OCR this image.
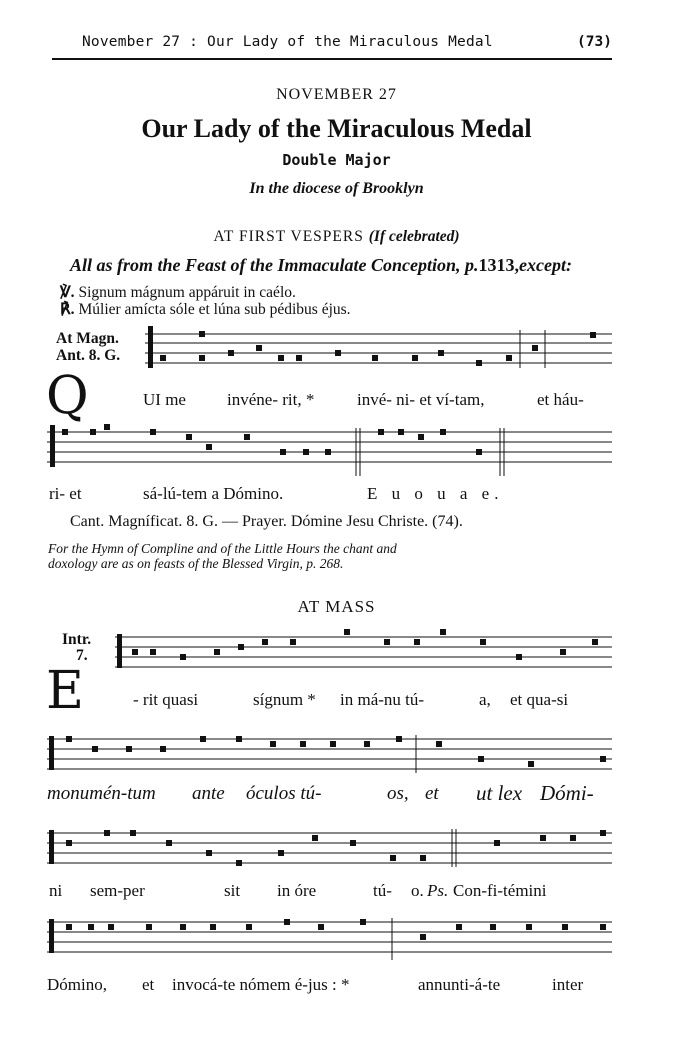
November 27 : Our Lady of the Miraculous Medal	(73)
NOVEMBER 27
Our Lady of the Miraculous Medal
Double Major
In the diocese of Brooklyn
AT FIRST VESPERS (If celebrated)
All as from the Feast of the Immaculate Conception, p.1313,except:
℣. Signum mágnum appáruit in caélo.
℟. Múlier amícta sóle et lúna sub pédibus éjus.
At Magn.
Ant. 8. G.
Q	UI me invéne- rit, *	invé- ni- et ví-tam,	et háu-
ri- et	sá-lú-tem a Dómino.	E u o u a e.
Cant. Magníficat. 8. G. — Prayer. Dómine Jesu Christe. (74).
For the Hymn of Compline and of the Little Hours the chant and
doxology are as on feasts of the Blessed Virgin, p. 268.
AT MASS
Intr.
7.
E	- rit quasi	sígnum * in má-nu tú-	a, et qua-si
monumén-tum ante óculos tú-	os, et ut lex Dómi-
ni sem-per	sit in óre	tú- o. Ps. Con-fi-témini
Dómino, et invocá-te nómem é-jus : *	annunti-á-te	inter
